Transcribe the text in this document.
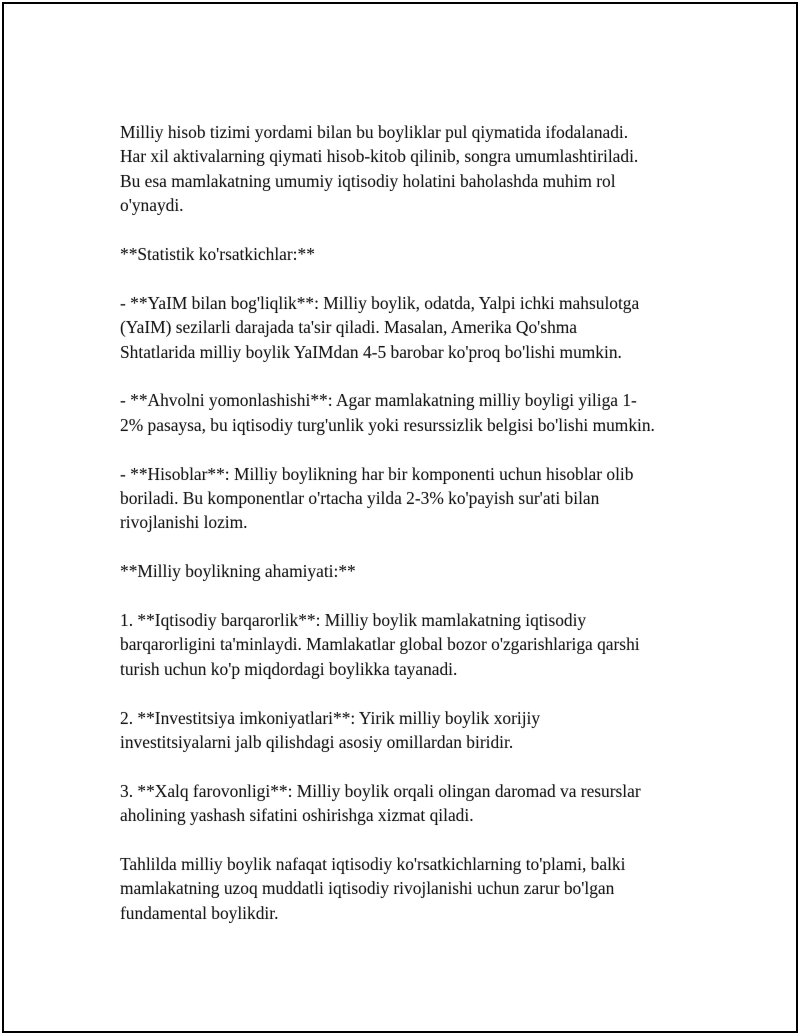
Milliy hisob tizimi yordami bilan bu boyliklar pul qiymatida ifodalanadi.
Har xil aktivalarning qiymati hisob-kitob qilinib, songra umumlashtiriladi.
Bu esa mamlakatning umumiy iqtisodiy holatini baholashda muhim rol
o'ynaydi.

**Statistik ko'rsatkichlar:**

- **YaIM bilan bog'liqlik**: Milliy boylik, odatda, Yalpi ichki mahsulotga
(YaIM) sezilarli darajada ta'sir qiladi. Masalan, Amerika Qo'shma
Shtatlarida milliy boylik YaIMdan 4-5 barobar ko'proq bo'lishi mumkin.

- **Ahvolni yomonlashishi**: Agar mamlakatning milliy boyligi yiliga 1-
2% pasaysa, bu iqtisodiy turg'unlik yoki resurssizlik belgisi bo'lishi mumkin.

- **Hisoblar**: Milliy boylikning har bir komponenti uchun hisoblar olib
boriladi. Bu komponentlar o'rtacha yilda 2-3% ko'payish sur'ati bilan
rivojlanishi lozim.

**Milliy boylikning ahamiyati:**

1. **Iqtisodiy barqarorlik**: Milliy boylik mamlakatning iqtisodiy
barqarorligini ta'minlaydi. Mamlakatlar global bozor o'zgarishlariga qarshi
turish uchun ko'p miqdordagi boylikka tayanadi.

2. **Investitsiya imkoniyatlari**: Yirik milliy boylik xorijiy
investitsiyalarni jalb qilishdagi asosiy omillardan biridir.

3. **Xalq farovonligi**: Milliy boylik orqali olingan daromad va resurslar
aholining yashash sifatini oshirishga xizmat qiladi.

Tahlilda milliy boylik nafaqat iqtisodiy ko'rsatkichlarning to'plami, balki
mamlakatning uzoq muddatli iqtisodiy rivojlanishi uchun zarur bo'lgan
fundamental boylikdir.
